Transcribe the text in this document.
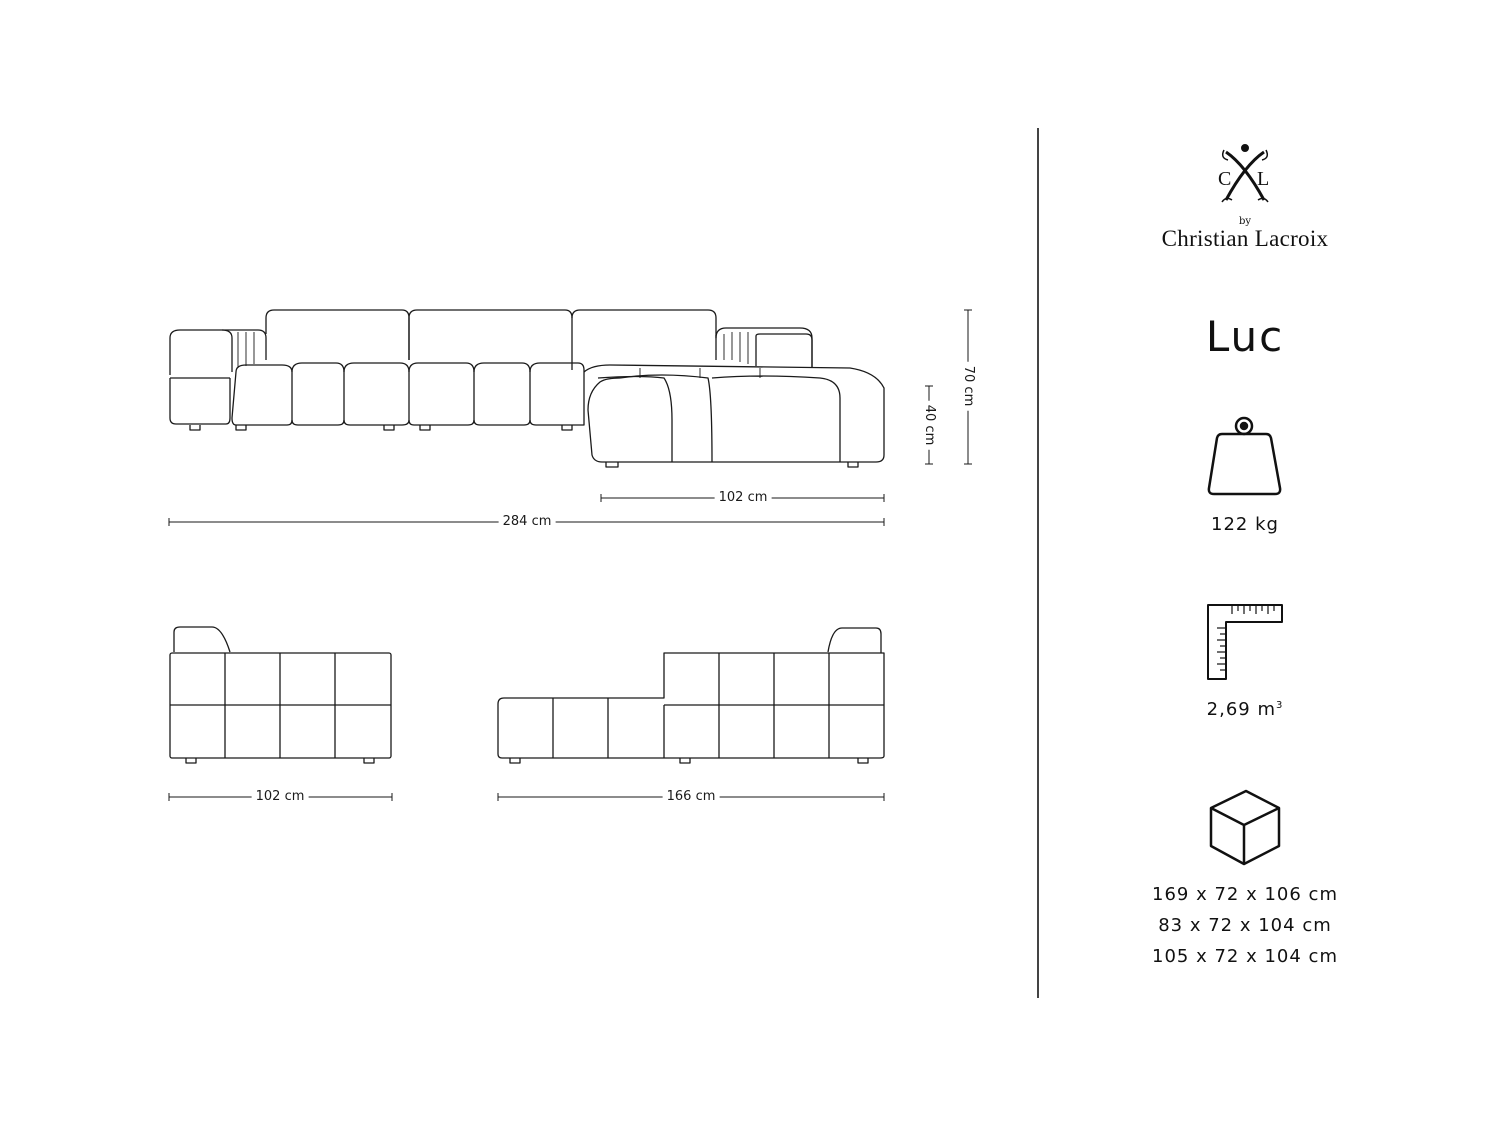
C L
102 cm
284 cm
70 cm
40 cm
102 cm	166 cm
by
Christian Lacroix
Luc
122 kg
2,69 $m^3$
169 x 72 x 106 cm
83 x 72 x 104 cm
105 x 72 x 104 cm
